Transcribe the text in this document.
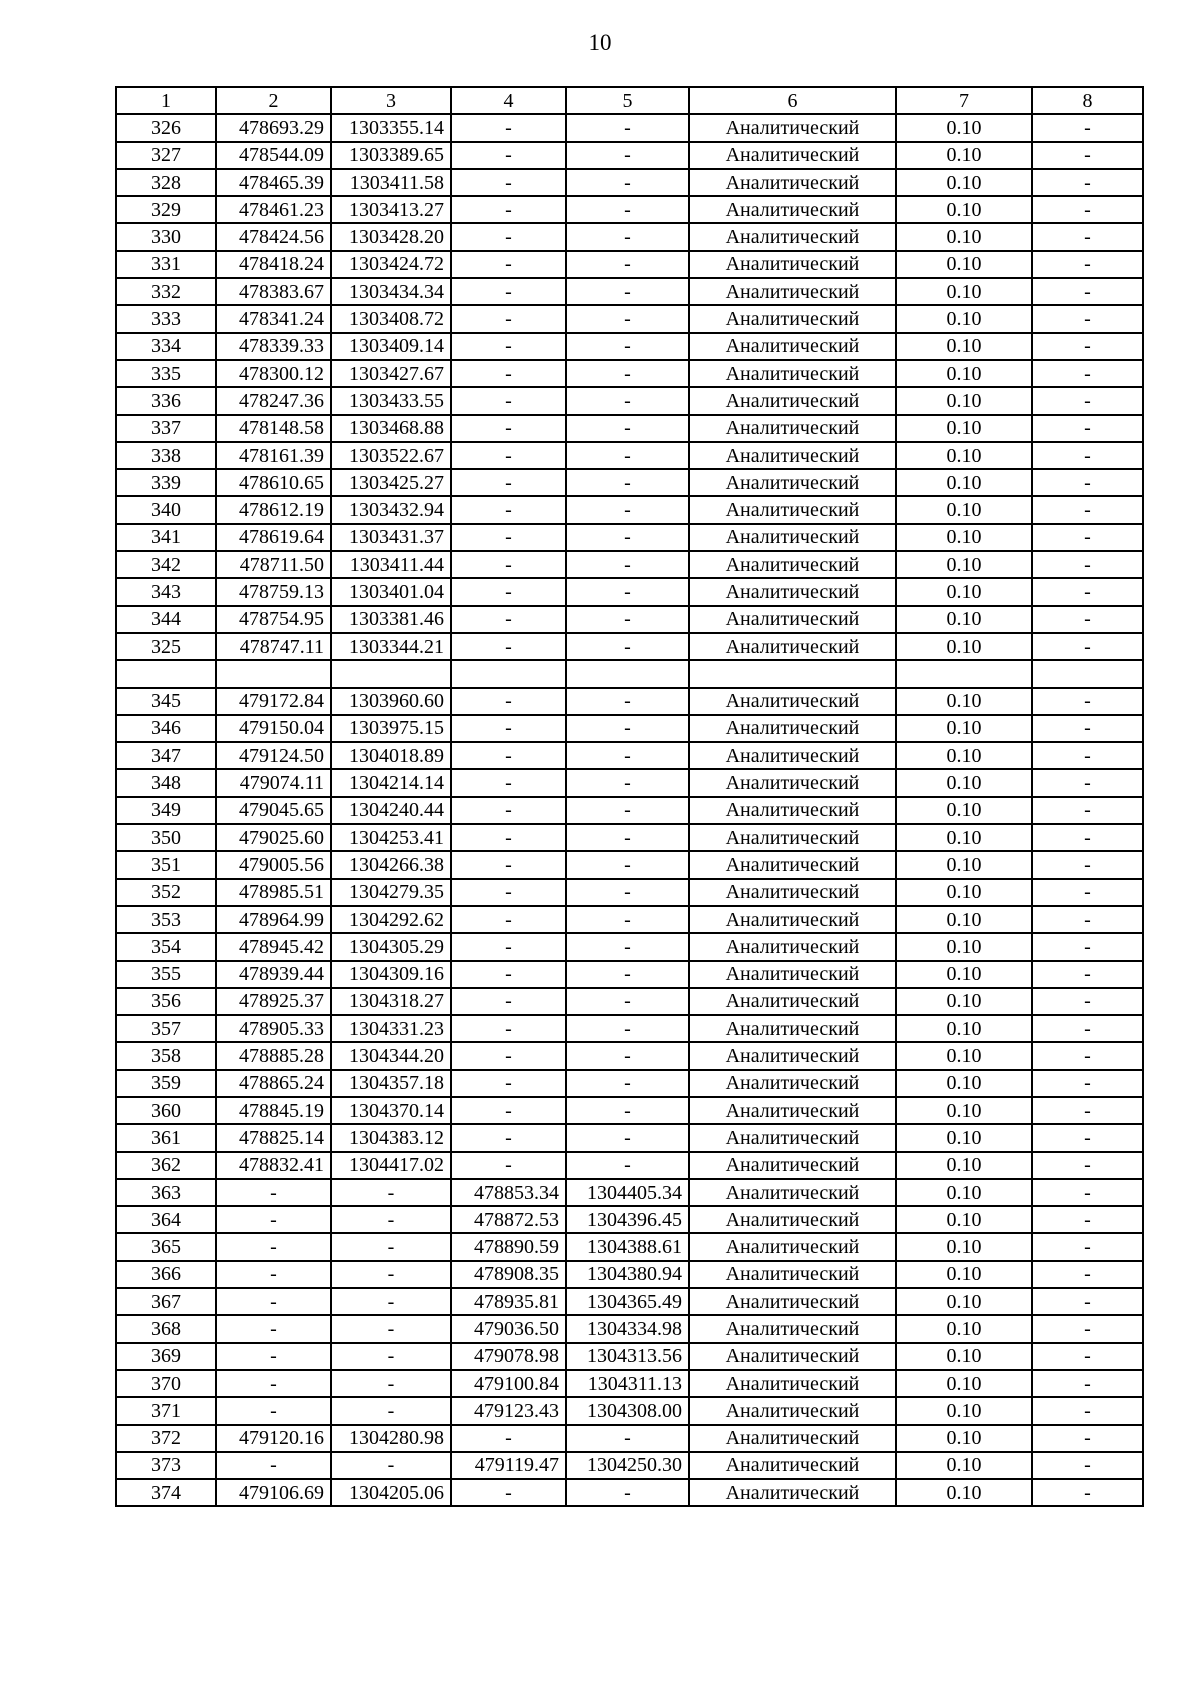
10
1	2	3	4	5	6	7	8
326	478693.29	1303355.14	-	-	Аналитический	0.10	-
327	478544.09	1303389.65	-	-	Аналитический	0.10	-
328	478465.39	1303411.58	-	-	Аналитический	0.10	-
329	478461.23	1303413.27	-	-	Аналитический	0.10	-
330	478424.56	1303428.20	-	-	Аналитический	0.10	-
331	478418.24	1303424.72	-	-	Аналитический	0.10	-
332	478383.67	1303434.34	-	-	Аналитический	0.10	-
333	478341.24	1303408.72	-	-	Аналитический	0.10	-
334	478339.33	1303409.14	-	-	Аналитический	0.10	-
335	478300.12	1303427.67	-	-	Аналитический	0.10	-
336	478247.36	1303433.55	-	-	Аналитический	0.10	-
337	478148.58	1303468.88	-	-	Аналитический	0.10	-
338	478161.39	1303522.67	-	-	Аналитический	0.10	-
339	478610.65	1303425.27	-	-	Аналитический	0.10	-
340	478612.19	1303432.94	-	-	Аналитический	0.10	-
341	478619.64	1303431.37	-	-	Аналитический	0.10	-
342	478711.50	1303411.44	-	-	Аналитический	0.10	-
343	478759.13	1303401.04	-	-	Аналитический	0.10	-
344	478754.95	1303381.46	-	-	Аналитический	0.10	-
325	478747.11	1303344.21	-	-	Аналитический	0.10	-

345	479172.84	1303960.60	-	-	Аналитический	0.10	-
346	479150.04	1303975.15	-	-	Аналитический	0.10	-
347	479124.50	1304018.89	-	-	Аналитический	0.10	-
348	479074.11	1304214.14	-	-	Аналитический	0.10	-
349	479045.65	1304240.44	-	-	Аналитический	0.10	-
350	479025.60	1304253.41	-	-	Аналитический	0.10	-
351	479005.56	1304266.38	-	-	Аналитический	0.10	-
352	478985.51	1304279.35	-	-	Аналитический	0.10	-
353	478964.99	1304292.62	-	-	Аналитический	0.10	-
354	478945.42	1304305.29	-	-	Аналитический	0.10	-
355	478939.44	1304309.16	-	-	Аналитический	0.10	-
356	478925.37	1304318.27	-	-	Аналитический	0.10	-
357	478905.33	1304331.23	-	-	Аналитический	0.10	-
358	478885.28	1304344.20	-	-	Аналитический	0.10	-
359	478865.24	1304357.18	-	-	Аналитический	0.10	-
360	478845.19	1304370.14	-	-	Аналитический	0.10	-
361	478825.14	1304383.12	-	-	Аналитический	0.10	-
362	478832.41	1304417.02	-	-	Аналитический	0.10	-
363	-	-	478853.34	1304405.34	Аналитический	0.10	-
364	-	-	478872.53	1304396.45	Аналитический	0.10	-
365	-	-	478890.59	1304388.61	Аналитический	0.10	-
366	-	-	478908.35	1304380.94	Аналитический	0.10	-
367	-	-	478935.81	1304365.49	Аналитический	0.10	-
368	-	-	479036.50	1304334.98	Аналитический	0.10	-
369	-	-	479078.98	1304313.56	Аналитический	0.10	-
370	-	-	479100.84	1304311.13	Аналитический	0.10	-
371	-	-	479123.43	1304308.00	Аналитический	0.10	-
372	479120.16	1304280.98	-	-	Аналитический	0.10	-
373	-	-	479119.47	1304250.30	Аналитический	0.10	-
374	479106.69	1304205.06	-	-	Аналитический	0.10	-
